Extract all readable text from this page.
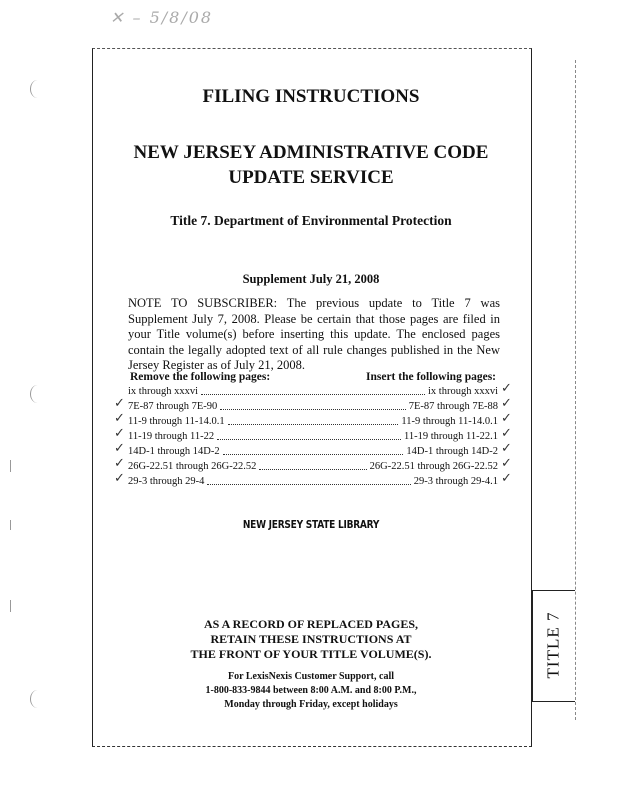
✕ – 5/8/08
FILING INSTRUCTIONS
NEW JERSEY ADMINISTRATIVE CODE
UPDATE SERVICE
Title 7. Department of Environmental Protection
Supplement July 21, 2008
NOTE TO SUBSCRIBER: The previous update to Title 7 was Supplement July 7, 2008. Please be certain that those pages are filed in your Title volume(s) before inserting this update. The enclosed pages contain the legally adopted text of all rule changes published in the New Jersey Register as of July 21, 2008.
Remove the following pages:	Insert the following pages:
ix through xxxvi	ix through xxxvi
7E-87 through 7E-90	7E-87 through 7E-88
11-9 through 11-14.0.1	11-9 through 11-14.0.1
11-19 through 11-22	11-19 through 11-22.1
14D-1 through 14D-2	14D-1 through 14D-2
26G-22.51 through 26G-22.52	26G-22.51 through 26G-22.52
29-3 through 29-4	29-3 through 29-4.1
✓
✓
✓
✓
✓
✓
✓
✓
✓
✓
✓
✓
✓
NEW JERSEY STATE LIBRARY
AS A RECORD OF REPLACED PAGES,
RETAIN THESE INSTRUCTIONS AT
THE FRONT OF YOUR TITLE VOLUME(S).
For LexisNexis Customer Support, call
1-800-833-9844 between 8:00 A.M. and 8:00 P.M.,
Monday through Friday, except holidays
TITLE 7
